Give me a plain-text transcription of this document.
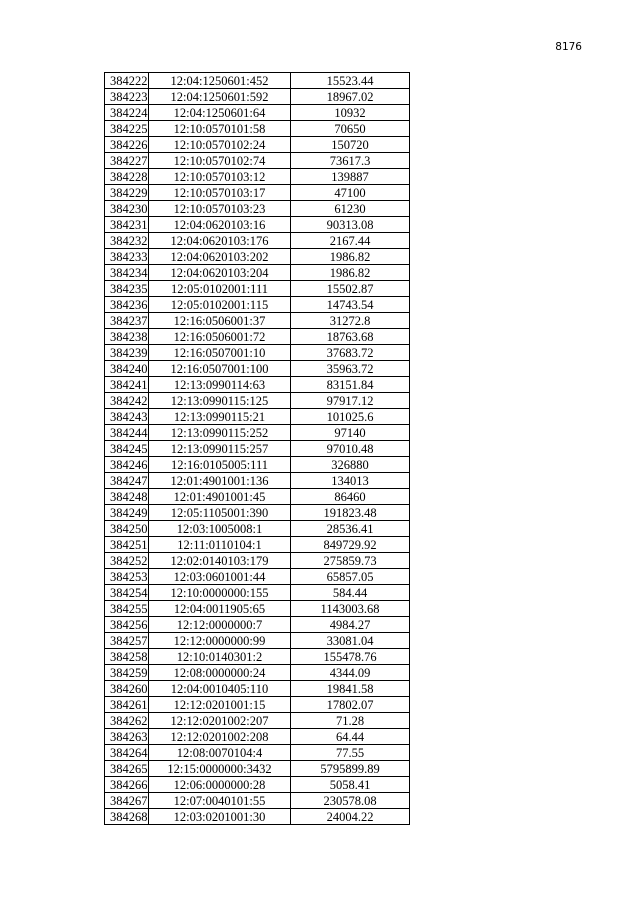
8176
384222	12:04:1250601:452	15523.44
384223	12:04:1250601:592	18967.02
384224	12:04:1250601:64	10932
384225	12:10:0570101:58	70650
384226	12:10:0570102:24	150720
384227	12:10:0570102:74	73617.3
384228	12:10:0570103:12	139887
384229	12:10:0570103:17	47100
384230	12:10:0570103:23	61230
384231	12:04:0620103:16	90313.08
384232	12:04:0620103:176	2167.44
384233	12:04:0620103:202	1986.82
384234	12:04:0620103:204	1986.82
384235	12:05:0102001:111	15502.87
384236	12:05:0102001:115	14743.54
384237	12:16:0506001:37	31272.8
384238	12:16:0506001:72	18763.68
384239	12:16:0507001:10	37683.72
384240	12:16:0507001:100	35963.72
384241	12:13:0990114:63	83151.84
384242	12:13:0990115:125	97917.12
384243	12:13:0990115:21	101025.6
384244	12:13:0990115:252	97140
384245	12:13:0990115:257	97010.48
384246	12:16:0105005:111	326880
384247	12:01:4901001:136	134013
384248	12:01:4901001:45	86460
384249	12:05:1105001:390	191823.48
384250	12:03:1005008:1	28536.41
384251	12:11:0110104:1	849729.92
384252	12:02:0140103:179	275859.73
384253	12:03:0601001:44	65857.05
384254	12:10:0000000:155	584.44
384255	12:04:0011905:65	1143003.68
384256	12:12:0000000:7	4984.27
384257	12:12:0000000:99	33081.04
384258	12:10:0140301:2	155478.76
384259	12:08:0000000:24	4344.09
384260	12:04:0010405:110	19841.58
384261	12:12:0201001:15	17802.07
384262	12:12:0201002:207	71.28
384263	12:12:0201002:208	64.44
384264	12:08:0070104:4	77.55
384265	12:15:0000000:3432	5795899.89
384266	12:06:0000000:28	5058.41
384267	12:07:0040101:55	230578.08
384268	12:03:0201001:30	24004.22
